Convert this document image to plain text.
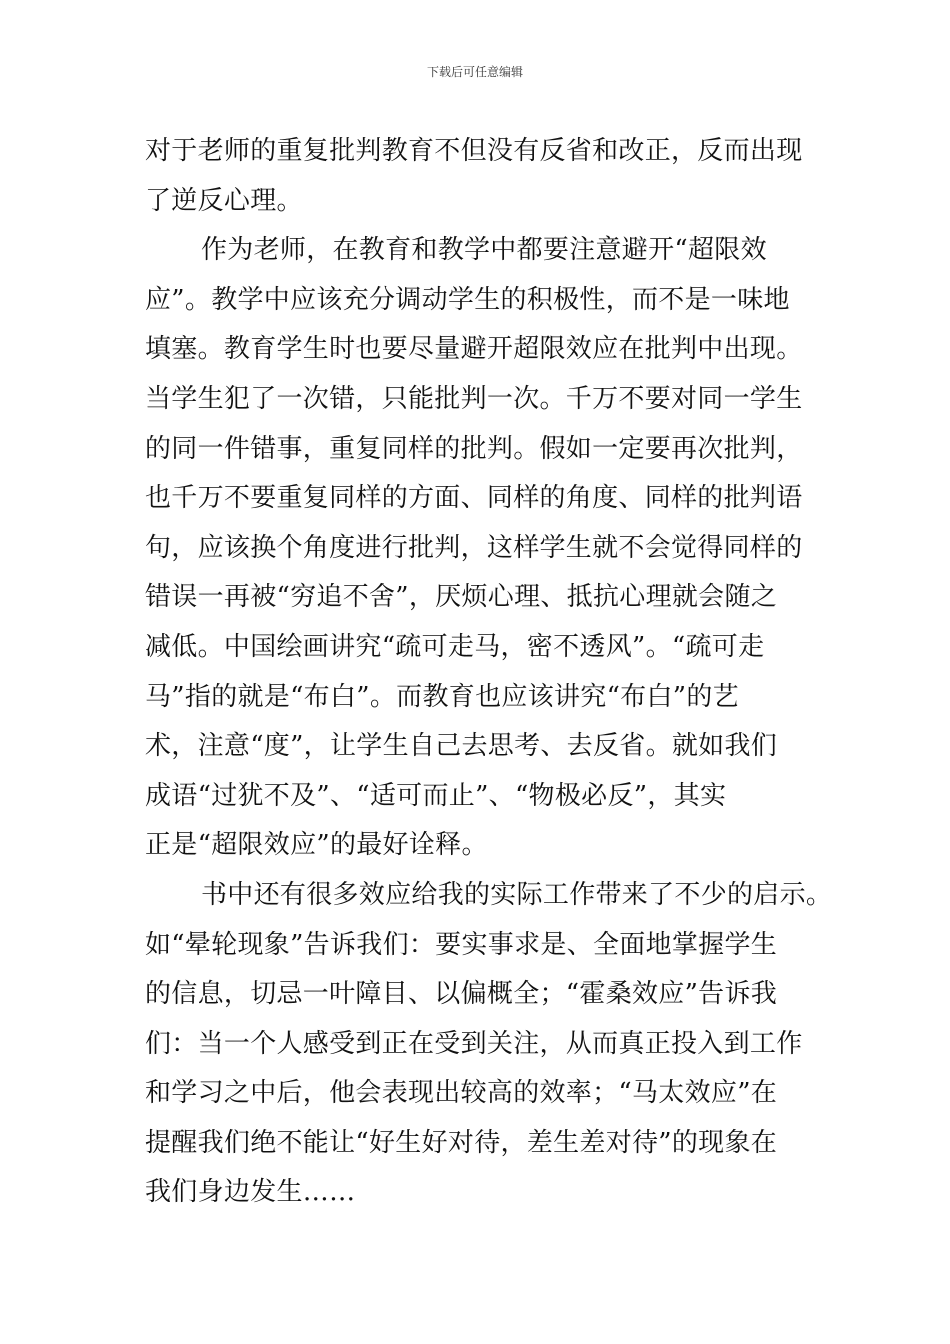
下载后可任意编辑
对于老师的重复批判教育不但没有反省和改正，反而出现
了逆反心理。
作为老师，在教育和教学中都要注意避开“超限效
应”。教学中应该充分调动学生的积极性，而不是一味地
填塞。教育学生时也要尽量避开超限效应在批判中出现。
当学生犯了一次错，只能批判一次。千万不要对同一学生
的同一件错事，重复同样的批判。假如一定要再次批判，
也千万不要重复同样的方面、同样的角度、同样的批判语
句，应该换个角度进行批判，这样学生就不会觉得同样的
错误一再被“穷追不舍”，厌烦心理、抵抗心理就会随之
减低。中国绘画讲究“疏可走马，密不透风”。“疏可走
马”指的就是“布白”。而教育也应该讲究“布白”的艺
术，注意“度”，让学生自己去思考、去反省。就如我们
成语“过犹不及”、“适可而止”、“物极必反”，其实
正是“超限效应”的最好诠释。
书中还有很多效应给我的实际工作带来了不少的启示。
如“晕轮现象”告诉我们：要实事求是、全面地掌握学生
的信息，切忌一叶障目、以偏概全；“霍桑效应”告诉我
们：当一个人感受到正在受到关注，从而真正投入到工作
和学习之中后，他会表现出较高的效率；“马太效应”在
提醒我们绝不能让“好生好对待，差生差对待”的现象在
我们身边发生……
